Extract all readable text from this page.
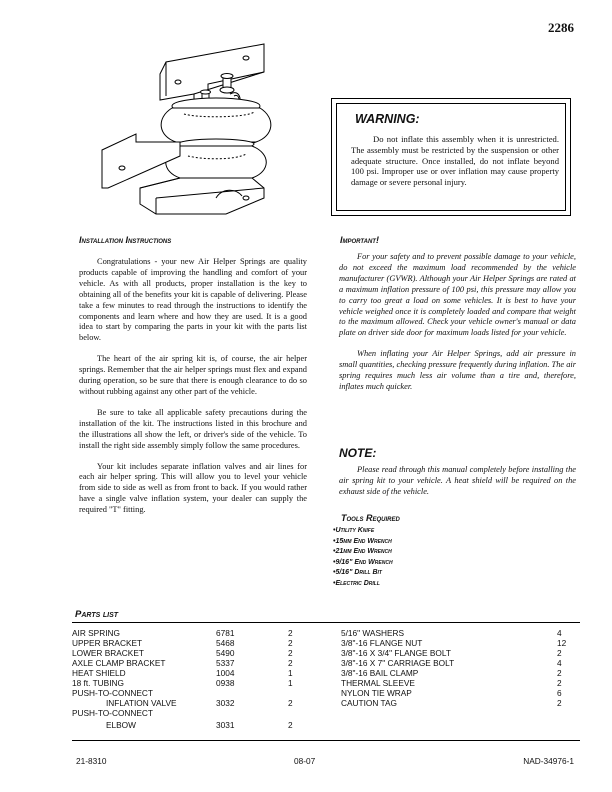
2286
WARNING:
Do not inflate this assembly when it is unrestricted. The assembly must be restricted by the suspension or other adequate structure. Once installed, do not inflate beyond 100 psi. Improper use or over inflation may cause property damage or severe personal injury.
Installation Instructions

Congratulations - your new Air Helper Springs are quality products capable of improving the handling and comfort of your vehicle. As with all products, proper installation is the key to obtaining all of the benefits your kit is capable of delivering. Please take a few minutes to read through the instructions to identify the components and learn where and how they are used. It is a good idea to start by comparing the parts in your kit with the parts list below.

The heart of the air spring kit is, of course, the air helper springs. Remember that the air helper springs must flex and expand during operation, so be sure that there is enough clearance to do so without rubbing against any other part of the vehicle.

Be sure to take all applicable safety precautions during the installation of the kit. The instructions listed in this brochure and the illustrations all show the left, or driver's side of the vehicle. To install the right side assembly simply follow the same procedures.

Your kit includes separate inflation valves and air lines for each air helper spring. This will allow you to level your vehicle from side to side as well as from front to back. If you would rather have a single valve inflation system, your dealer can supply the required "T" fitting.

Important!

For your safety and to prevent possible damage to your vehicle, do not exceed the maximum load recommended by the vehicle manufacturer (GVWR). Although your Air Helper Springs are rated at a maximum inflation pressure of 100 psi, this pressure may allow you to carry too great a load on some vehicles. It is best to have your vehicle weighed once it is completely loaded and compare that weight to the maximum allowed. Check your vehicle owner's manual or data plate on driver side door for maximum loads listed for your vehicle.

When inflating your Air Helper Springs, add air pressure in small quantities, checking pressure frequently during inflation. The air spring requires much less air volume than a tire and, therefore, inflates much quicker.

NOTE:
Please read through this manual completely before installing the air spring kit to your vehicle. A heat shield will be required on the exhaust side of the vehicle.
Tools Required
•Utility Knife
•15mm End Wrench
•21mm End Wrench
•9/16" End Wrench
•5/16" Drill Bit
•Electric Drill
Parts list
AIR SPRING	6781	2
UPPER BRACKET	5468	2
LOWER BRACKET	5490	2
AXLE CLAMP BRACKET	5337	2
HEAT SHIELD	1004	1
18 ft. TUBING	0938	1
PUSH-TO-CONNECT
INFLATION VALVE	3032	2
PUSH-TO-CONNECT
ELBOW	3031	2
5/16" WASHERS	4
3/8"-16 FLANGE NUT	12
3/8"-16 X 3/4" FLANGE BOLT	2
3/8"-16 X 7" CARRIAGE BOLT	4
3/8"-16 BAIL CLAMP	2
THERMAL SLEEVE	2
NYLON TIE WRAP	6
CAUTION TAG	2
21-8310	08-07	NAD-34976-1
